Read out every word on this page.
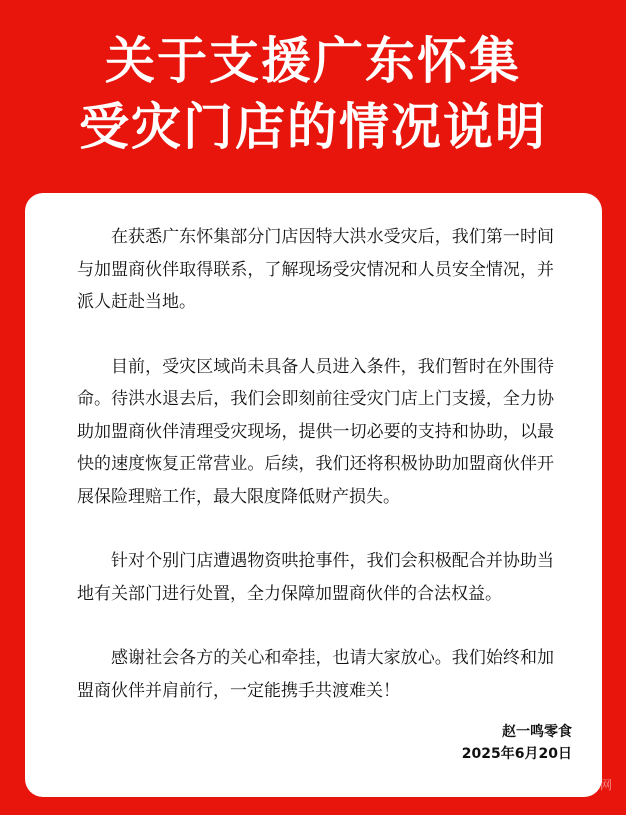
关于支援广东怀集
受灾门店的情况说明

在获悉广东怀集部分门店因特大洪水受灾后，我们第一时间与加盟商伙伴取得联系，了解现场受灾情况和人员安全情况，并派人赶赴当地。

目前，受灾区域尚未具备人员进入条件，我们暂时在外围待命。待洪水退去后，我们会即刻前往受灾门店上门支援，全力协助加盟商伙伴清理受灾现场，提供一切必要的支持和协助，以最快的速度恢复正常营业。后续，我们还将积极协助加盟商伙伴开展保险理赔工作，最大限度降低财产损失。

针对个别门店遭遇物资哄抢事件，我们会积极配合并协助当地有关部门进行处置，全力保障加盟商伙伴的合法权益。

感谢社会各方的关心和牵挂，也请大家放心。我们始终和加盟商伙伴并肩前行，一定能携手共渡难关！

赵一鸣零食
2025年6月20日
网
